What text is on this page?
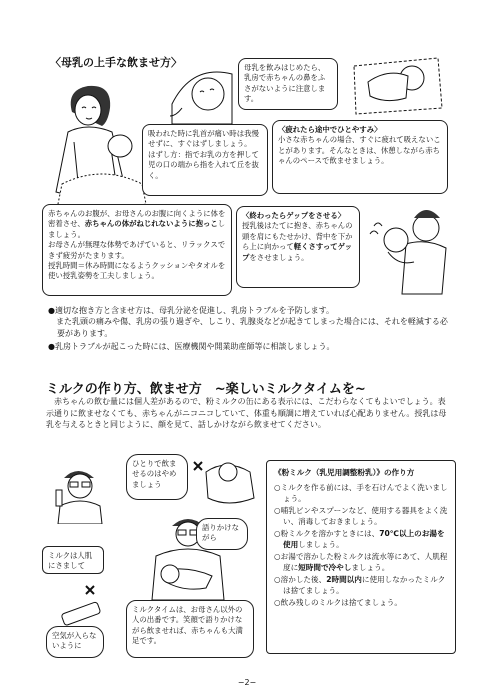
〈母乳の上手な飲ませ方〉	母乳を飲みはじめたら、乳房で赤ちゃんの鼻をふさがないように注意します。
吸われた時に乳首が痛い時は我慢せずに、すぐはずしましょう。
はずし方：指でお乳の方を押して児の口の端から指を入れて丘を抜く。
〈疲れたら途中でひとやすみ〉
小さな赤ちゃんの場合、すぐに疲れて吸えないことがあります。そんなときは、休憩しながら赤ちゃんのペースで飲ませましょう。
赤ちゃんのお腹が、お母さんのお腹に向くように体を密着させ、赤ちゃんの体がねじれないように抱っこしましょう。
お母さんが無理な体勢であげていると、リラックスできず疲労がたまります。
授乳時間＝休み時間になるようクッションやタオルを使い授乳姿勢を工夫しましょう。
〈終わったらゲップをさせる〉
授乳後はたてに抱き、赤ちゃんの頭を肩にもたせかけ、背中を下から上に向かって軽くさすってゲップをさせましょう。

●適切な抱き方と含ませ方は、母乳分泌を促進し、乳房トラブルを予防します。

　また乳頭の痛みや傷、乳房の張り過ぎや、しこり、乳腺炎などが起きてしまった場合には、それを軽減する必要があります。

●乳房トラブルが起こった時には、医療機関や開業助産師等に相談しましょう。

ミルクの作り方、飲ませ方　~楽しいミルクタイムを~
赤ちゃんの飲む量には個人差があるので、粉ミルクの缶にある表示には、こだわらなくてもよいでしょう。表示通りに飲ませなくても、赤ちゃんがニコニコしていて、体重も順調に増えていれば心配ありません。授乳は母乳を与えるときと同じように、顔を見て、話しかけながら飲ませてください。
ミルクは人肌にさまして
ひとりで飲ませるのはやめましょう
語りかけながら
空気が入らないように
ミルクタイムは、お母さん以外の人の出番です。笑顔で語りかけながら飲ませれば、赤ちゃんも大満足です。
《粉ミルク（乳児用調整粉乳）》の作り方

○ミルクを作る前には、手を石けんでよく洗いましょう。

○哺乳ビンやスプーンなど、使用する器具をよく洗い、消毒しておきましょう。

○粉ミルクを溶かすときには、70℃以上のお湯を使用しましょう。

○お湯で溶かした粉ミルクは流水等にあて、人肌程度に短時間で冷やしましょう。

○溶かした後、2時間以内に使用しなかったミルクは捨てましょう。

○飲み残しのミルクは捨てましょう。

−2−
